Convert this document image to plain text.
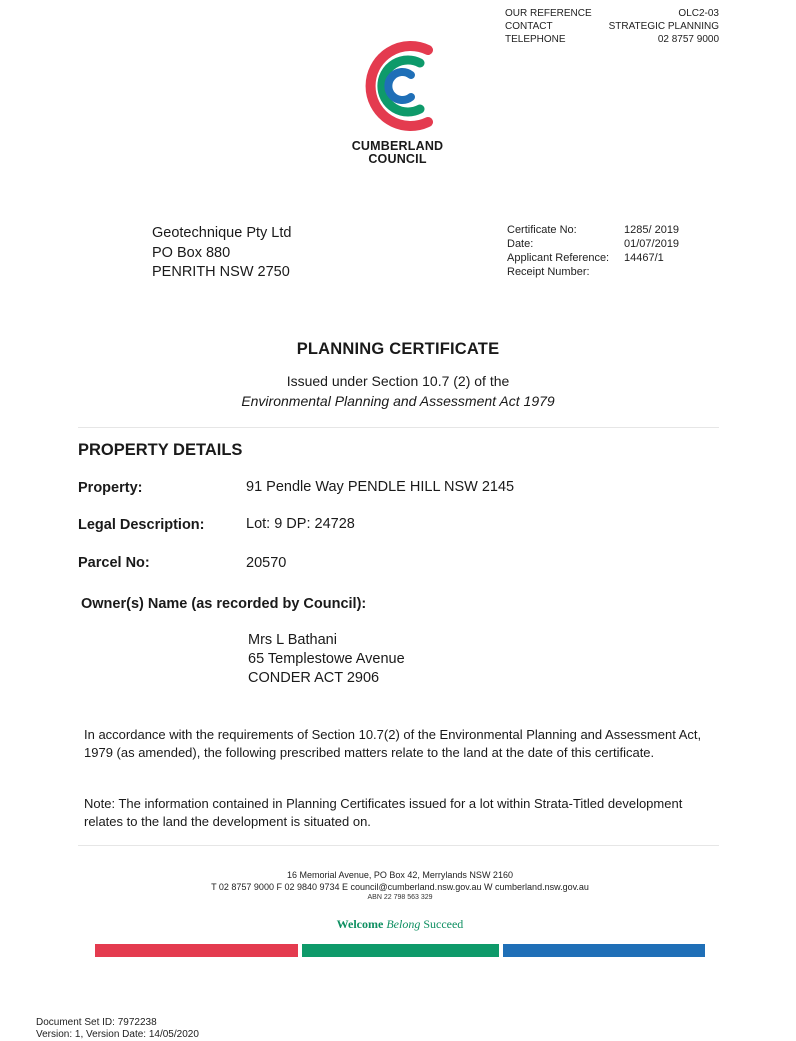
OUR REFERENCE	OLC2-03
CONTACT	STRATEGIC PLANNING
TELEPHONE	02 8757 9000
CUMBERLAND
COUNCIL
Geotechnique Pty Ltd
PO Box 880
PENRITH NSW 2750
Certificate No:	1285/ 2019
Date:	01/07/2019
Applicant Reference:	14467/1
Receipt Number:
PLANNING CERTIFICATE
Issued under Section 10.7 (2) of the
Environmental Planning and Assessment Act 1979
PROPERTY DETAILS
Property:	91 Pendle Way PENDLE HILL NSW 2145
Legal Description:	Lot: 9 DP: 24728
Parcel No:	20570
Owner(s) Name (as recorded by Council):
Mrs L Bathani
65 Templestowe Avenue
CONDER ACT 2906
In accordance with the requirements of Section 10.7(2) of the Environmental Planning and Assessment Act, 1979 (as amended), the following prescribed matters relate to the land at the date of this certificate.
Note: The information contained in Planning Certificates issued for a lot within Strata-Titled development relates to the land the development is situated on.
16 Memorial Avenue, PO Box 42, Merrylands NSW 2160
T 02 8757 9000 F 02 9840 9734 E council@cumberland.nsw.gov.au W cumberland.nsw.gov.au
ABN 22 798 563 329
Welcome Belong Succeed
Document Set ID: 7972238
Version: 1, Version Date: 14/05/2020
